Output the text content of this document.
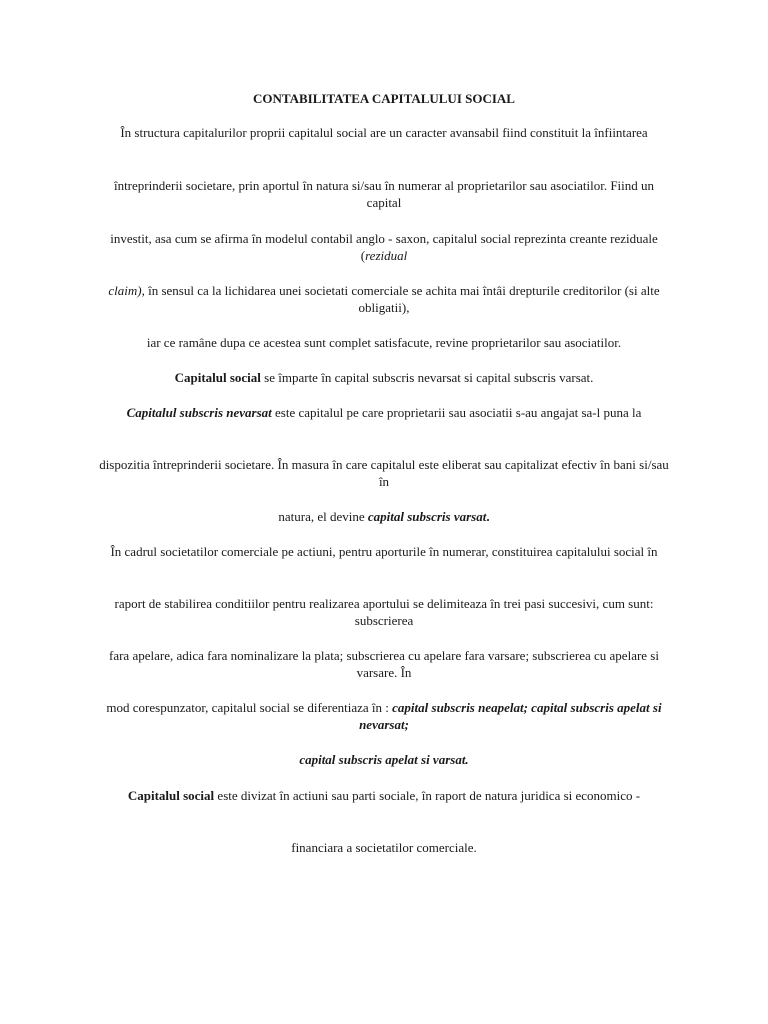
CONTABILITATEA CAPITALULUI SOCIAL

În structura capitalurilor proprii capitalul social are un caracter avansabil fiind constituit la înfiintarea

întreprinderii societare, prin aportul în natura si/sau în numerar al proprietarilor sau asociatilor. Fiind un capital

investit, asa cum se afirma în modelul contabil anglo - saxon, capitalul social reprezinta creante reziduale (rezidual

claim), în sensul ca la lichidarea unei societati comerciale se achita mai întâi drepturile creditorilor (si alte obligatii),

iar ce ramâne dupa ce acestea sunt complet satisfacute, revine proprietarilor sau asociatilor.

Capitalul social se împarte în capital subscris nevarsat si capital subscris varsat.

Capitalul subscris nevarsat este capitalul pe care proprietarii sau asociatii s-au angajat sa-l puna la

dispozitia întreprinderii societare. În masura în care capitalul este eliberat sau capitalizat efectiv în bani si/sau în

natura, el devine capital subscris varsat.

În cadrul societatilor comerciale pe actiuni, pentru aporturile în numerar, constituirea capitalului social în

raport de stabilirea conditiilor pentru realizarea aportului se delimiteaza în trei pasi succesivi, cum sunt: subscrierea

fara apelare, adica fara nominalizare la plata; subscrierea cu apelare fara varsare; subscrierea cu apelare si varsare. În

mod corespunzator, capitalul social se diferentiaza în : capital subscris neapelat; capital subscris apelat si nevarsat;

capital subscris apelat si varsat.

Capitalul social este divizat în actiuni sau parti sociale, în raport de natura juridica si economico -

financiara a societatilor comerciale.
